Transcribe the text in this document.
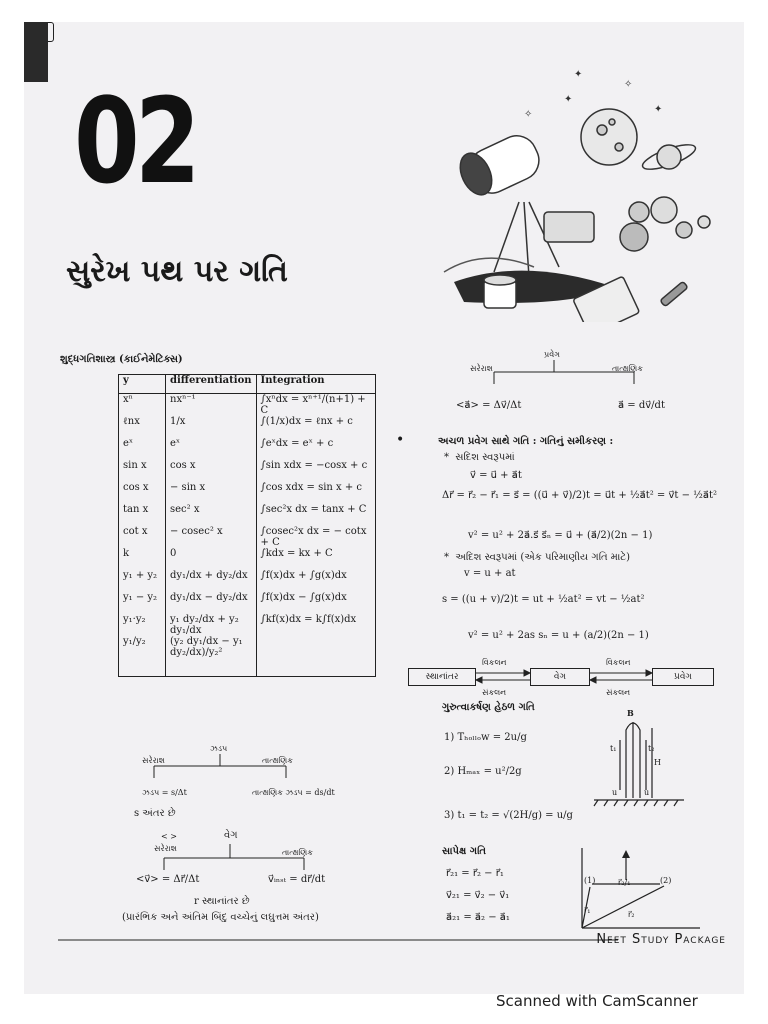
02
સુરેખ પથ પર ગતિ
✦
✧
✦
✧
✦
શુદ્ધગતિશાસ્ત્ર (કાઈનેમેટિક્સ)
y	differentiation	Integration
xⁿ	nxⁿ⁻¹	∫xⁿdx = xⁿ⁺¹/(n+1) + C
ℓnx	1/x	∫(1/x)dx = ℓnx + c
eˣ	eˣ	∫eˣdx = eˣ + c
sin x	cos x	∫sin xdx = −cosx + c
cos x	− sin x	∫cos xdx = sin x + c
tan x	sec² x	∫sec²x dx = tanx + C
cot x	− cosec² x	∫cosec²x dx = − cotx + C
k	0	∫kdx = kx + C
y₁ + y₂	dy₁/dx + dy₂/dx	∫f(x)dx + ∫g(x)dx
y₁ − y₂	dy₁/dx − dy₂/dx	∫f(x)dx − ∫g(x)dx
y₁·y₂	y₁ dy₂/dx + y₂ dy₁/dx	∫kf(x)dx = k∫f(x)dx
y₁/y₂	(y₂ dy₁/dx − y₁ dy₂/dx)/y₂²	
ઝડપ
સરેરાશ	તાત્ક્ષણિક
ઝડપ = s/Δt	તાત્ક્ષણિક ઝડપ = ds/dt
s અંતર છે
< >	વેગ
સરેરાશ	તાત્ક્ષણિક
<v⃗> = Δr⃗/Δt	v⃗ᵢₙₛₜ = dr⃗/dt
r સ્થાનાંતર છે
(પ્રારંભિક અને અંતિમ બિંદુ વચ્ચેનું લઘુત્તમ અંતર)
પ્રવેગ
સરેરાશ	તાત્ક્ષણિક
<a⃗> = Δv⃗/Δt	a⃗ = dv⃗/dt
•	અચળ પ્રવેગ સાથે ગતિ : ગતિનું સમીકરણ :
*  સદિશ સ્વરૂપમાં
v⃗ = u⃗ + a⃗t
Δr⃗ = r⃗₂ − r⃗₁ = s⃗ = ((u⃗ + v⃗)/2)t = u⃗t + ½a⃗t² = v⃗t − ½a⃗t²
v² = u² + 2a⃗.s⃗ s⃗ₙ = u⃗ + (a⃗/2)(2n − 1)
*  અદિશ સ્વરૂપમાં (એક પરિમાણીય ગતિ માટે)
v = u + at
s = ((u + v)/2)t = ut + ½at² = vt − ½at²
v² = u² + 2as sₙ = u + (a/2)(2n − 1)
સ્થાનાંતર	વેગ	પ્રવેગ
વિકલન	વિકલન
સંકલન	સંકલન
ગુરુત્વાકર્ષણ હેઠળ ગતિ
1) Tₕₒₗₗₒw = 2u/g
2) Hₘₐₓ = u²/2g
3) t₁ = t₂ = √(2H/g) = u/g
B
t₁	t₂
H
u	u
સાપેક્ષ ગતિ
r⃗₂₁ = r⃗₂ − r⃗₁
v⃗₂₁ = v⃗₂ − v⃗₁
a⃗₂₁ = a⃗₂ − a⃗₁
(1)	(2)
r⃗₂/₁
r⃗₁	r⃗₂
Neet Study Package
Scanned with CamScanner
